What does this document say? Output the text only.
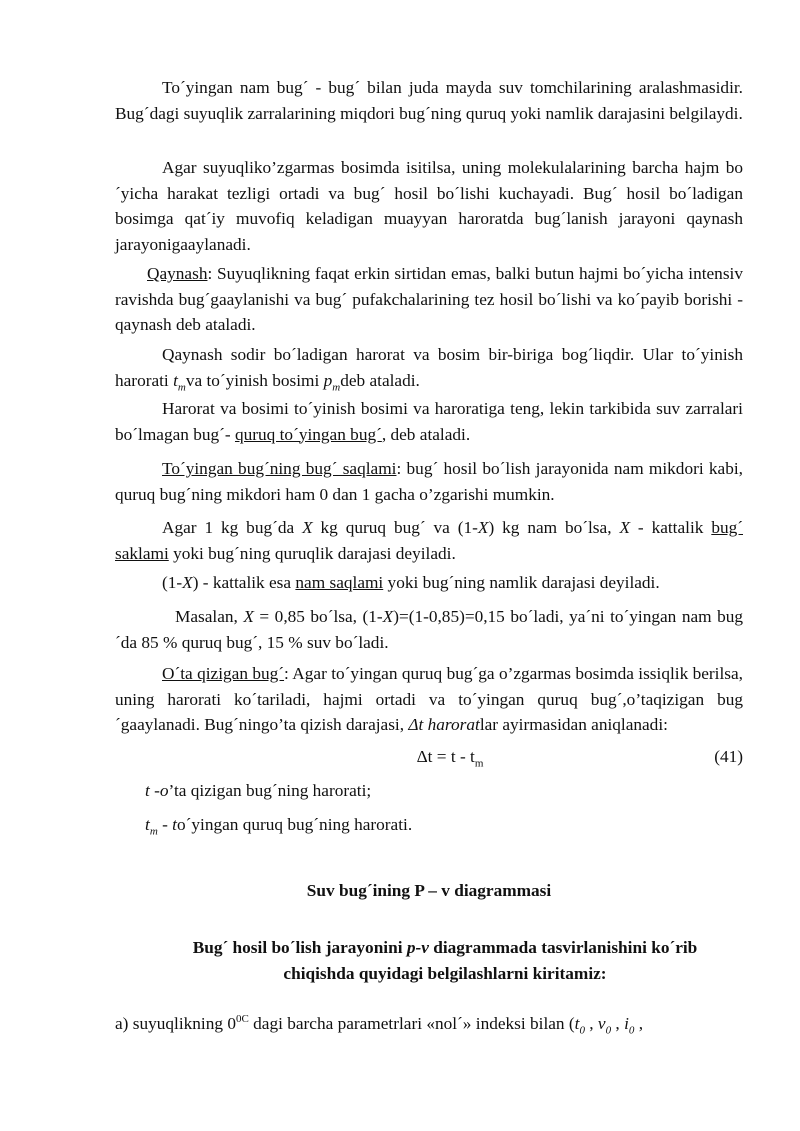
To´yingan nam bug´ - bug´ bilan juda mayda suv tomchilarining aralashmasidir. Bug´dagi suyuqlik zarralarining miqdori bug´ning quruq yoki namlik darajasini belgilaydi.

Agar suyuqliko’zgarmas bosimda isitilsa, uning molekulalarining barcha hajm bo´yicha harakat tezligi ortadi va bug´ hosil bo´lishi kuchayadi. Bug´ hosil bo´ladigan bosimga qat´iy muvofiq keladigan muayyan haroratda bug´lanish jarayoni qaynash jarayonigaaylanadi.

Qaynash: Suyuqlikning faqat erkin sirtidan emas, balki butun hajmi bo´yicha intensiv ravishda bug´gaaylanishi va bug´ pufakchalarining tez hosil bo´lishi va ko´payib borishi - qaynash deb ataladi.

Qaynash sodir bo´ladigan harorat va bosim bir-biriga bog´liqdir. Ular to´yinish harorati $t_mva$ to´yinish bosimi $p_mdeb$ ataladi.

Harorat va bosimi to´yinish bosimi va haroratiga teng, lekin tarkibida suv zarralari bo´lmagan bug´- quruq to´yingan bug´, deb ataladi.

To´yingan bug´ning bug´ saqlami: bug´ hosil bo´lish jarayonida nam mikdori kabi, quruq bug´ning mikdori ham 0 dan 1 gacha o’zgarishi mumkin.

Agar 1 kg bug´da X kg quruq bug´ va (1-X) kg nam bo´lsa, X - kattalik bug´ saklami yoki bug´ning quruqlik darajasi deyiladi.

(1-X) - kattalik esa nam saqlami yoki bug´ning namlik darajasi deyiladi.

Masalan, X = 0,85 bo´lsa, (1-X)=(1-0,85)=0,15 bo´ladi, ya´ni to´yingan nam bug´da 85 % quruq bug´, 15 % suv bo´ladi.

O´ta qizigan bug´: Agar to´yingan quruq bug´ga o’zgarmas bosimda issiqlik berilsa, uning harorati ko´tariladi, hajmi ortadi va to´yingan quruq bug´,o’taqizigan bug´gaaylanadi. Bug´ningo’ta qizish darajasi, Δt haroratlar ayirmasidan aniqlanadi:

$\Delta t = t - t_m$	(41)

t -o’ta qizigan bug´ning harorati;

$t_m$ - to´yingan quruq bug´ning harorati.

Suv bug´ining P – v diagrammasi

Bug´ hosil bo´lish jarayonini p-v diagrammada tasvirlanishini ko´rib chiqishda quyidagi belgilashlarni kiritamiz:

a) suyuqlikning $0^{0C}$ dagi barcha parametrlari «nol´» indeksi bilan ($t_0$ , $v_0$ , $i_0$ ,
